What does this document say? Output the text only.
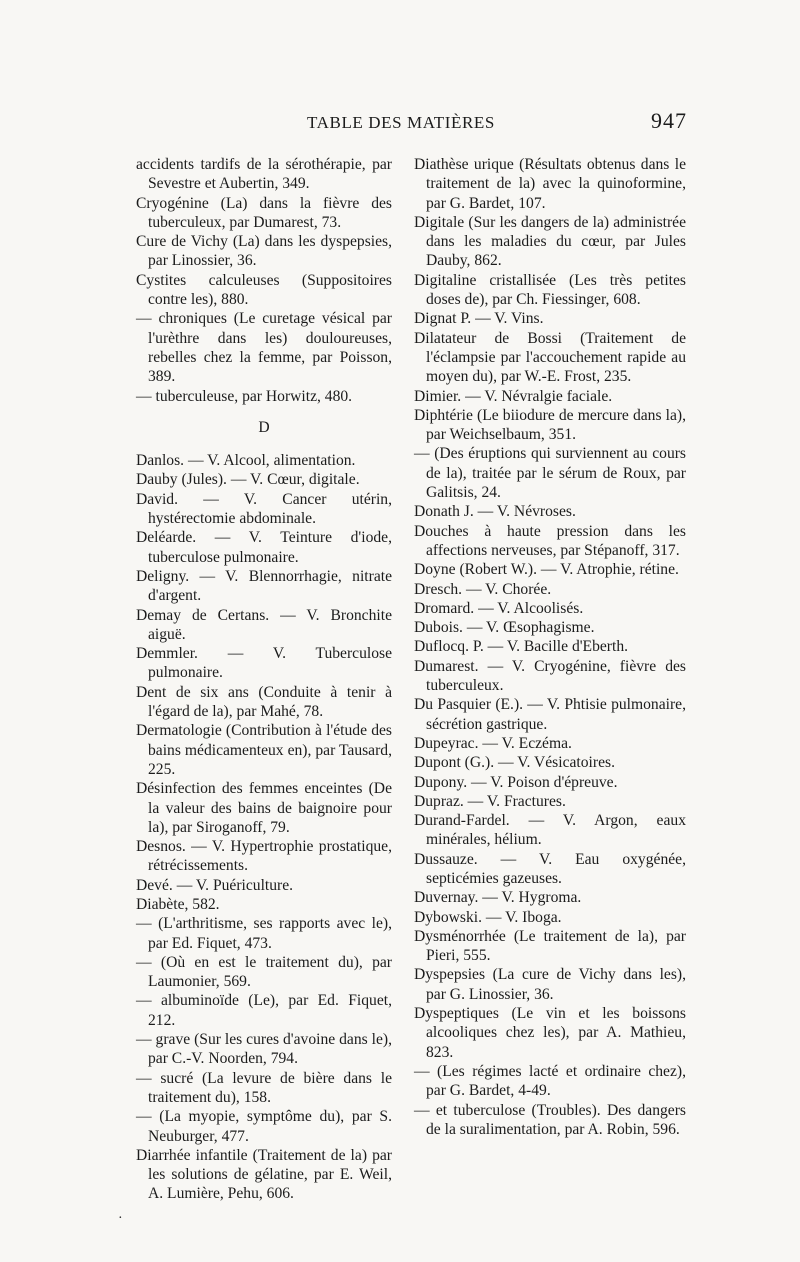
TABLE DES MATIÈRES	947

accidents tardifs de la sérothérapie, par Sevestre et Aubertin, 349.

Cryogénine (La) dans la fièvre des tuberculeux, par Dumarest, 73.

Cure de Vichy (La) dans les dyspepsies, par Linossier, 36.

Cystites calculeuses (Suppositoires contre les), 880.

— chroniques (Le curetage vésical par l'urèthre dans les) douloureuses, rebelles chez la femme, par Poisson, 389.

— tuberculeuse, par Horwitz, 480.

D

Danlos. — V. Alcool, alimentation.

Dauby (Jules). — V. Cœur, digitale.

David. — V. Cancer utérin, hystérectomie abdominale.

Deléarde. — V. Teinture d'iode, tuberculose pulmonaire.

Deligny. — V. Blennorrhagie, nitrate d'argent.

Demay de Certans. — V. Bronchite aiguë.

Demmler. — V. Tuberculose pulmonaire.

Dent de six ans (Conduite à tenir à l'égard de la), par Mahé, 78.

Dermatologie (Contribution à l'étude des bains médicamenteux en), par Tausard, 225.

Désinfection des femmes enceintes (De la valeur des bains de baignoire pour la), par Siroganoff, 79.

Desnos. — V. Hypertrophie prostatique, rétrécissements.

Devé. — V. Puériculture.

Diabète, 582.

— (L'arthritisme, ses rapports avec le), par Ed. Fiquet, 473.

— (Où en est le traitement du), par Laumonier, 569.

— albuminoïde (Le), par Ed. Fiquet, 212.

— grave (Sur les cures d'avoine dans le), par C.-V. Noorden, 794.

— sucré (La levure de bière dans le traitement du), 158.

— (La myopie, symptôme du), par S. Neuburger, 477.

Diarrhée infantile (Traitement de la) par les solutions de gélatine, par E. Weil, A. Lumière, Pehu, 606.

Diathèse urique (Résultats obtenus dans le traitement de la) avec la quinoformine, par G. Bardet, 107.

Digitale (Sur les dangers de la) administrée dans les maladies du cœur, par Jules Dauby, 862.

Digitaline cristallisée (Les très petites doses de), par Ch. Fiessinger, 608.

Dignat P. — V. Vins.

Dilatateur de Bossi (Traitement de l'éclampsie par l'accouchement rapide au moyen du), par W.-E. Frost, 235.

Dimier. — V. Névralgie faciale.

Diphtérie (Le biiodure de mercure dans la), par Weichselbaum, 351.

— (Des éruptions qui surviennent au cours de la), traitée par le sérum de Roux, par Galitsis, 24.

Donath J. — V. Névroses.

Douches à haute pression dans les affections nerveuses, par Stépanoff, 317.

Doyne (Robert W.). — V. Atrophie, rétine.

Dresch. — V. Chorée.

Dromard. — V. Alcoolisés.

Dubois. — V. Œsophagisme.

Duflocq. P. — V. Bacille d'Eberth.

Dumarest. — V. Cryogénine, fièvre des tuberculeux.

Du Pasquier (E.). — V. Phtisie pulmonaire, sécrétion gastrique.

Dupeyrac. — V. Eczéma.

Dupont (G.). — V. Vésicatoires.

Dupony. — V. Poison d'épreuve.

Dupraz. — V. Fractures.

Durand-Fardel. — V. Argon, eaux minérales, hélium.

Dussauze. — V. Eau oxygénée, septicémies gazeuses.

Duvernay. — V. Hygroma.

Dybowski. — V. Iboga.

Dysménorrhée (Le traitement de la), par Pieri, 555.

Dyspepsies (La cure de Vichy dans les), par G. Linossier, 36.

Dyspeptiques (Le vin et les boissons alcooliques chez les), par A. Mathieu, 823.

— (Les régimes lacté et ordinaire chez), par G. Bardet, 4-49.

— et tuberculose (Troubles). Des dangers de la suralimentation, par A. Robin, 596.

·
